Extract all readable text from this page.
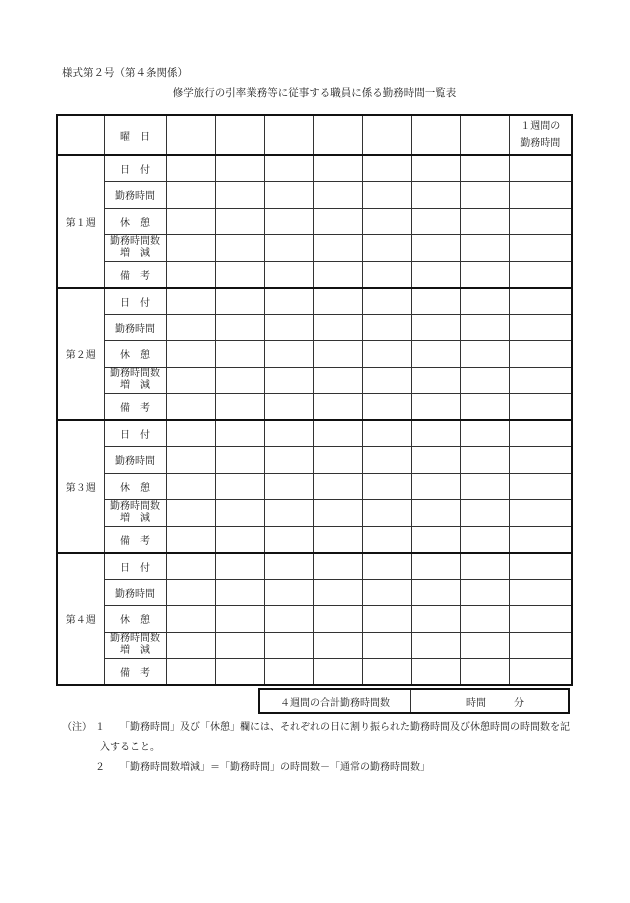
様式第２号（第４条関係）
修学旅行の引率業務等に従事する職員に係る勤務時間一覧表
	曜　日								１週間の
勤務時間
第１週	日　付								
	勤務時間								
	休　憩								
	勤務時間数
増　減								
	備　考								
第２週	日　付								
	勤務時間								
	休　憩								
	勤務時間数
増　減								
	備　考								
第３週	日　付								
	勤務時間								
	休　憩								
	勤務時間数
増　減								
	備　考								
第４週	日　付								
	勤務時間								
	休　憩								
	勤務時間数
増　減								
	備　考								
４週間の合計勤務時間数	時間	分
（注） １	「勤務時間」及び「休憩」欄には、それぞれの日に割り振られた勤務時間及び休憩時間の時間数を記
入すること。
２	「勤務時間数増減」＝「勤務時間」の時間数－「通常の勤務時間数」
